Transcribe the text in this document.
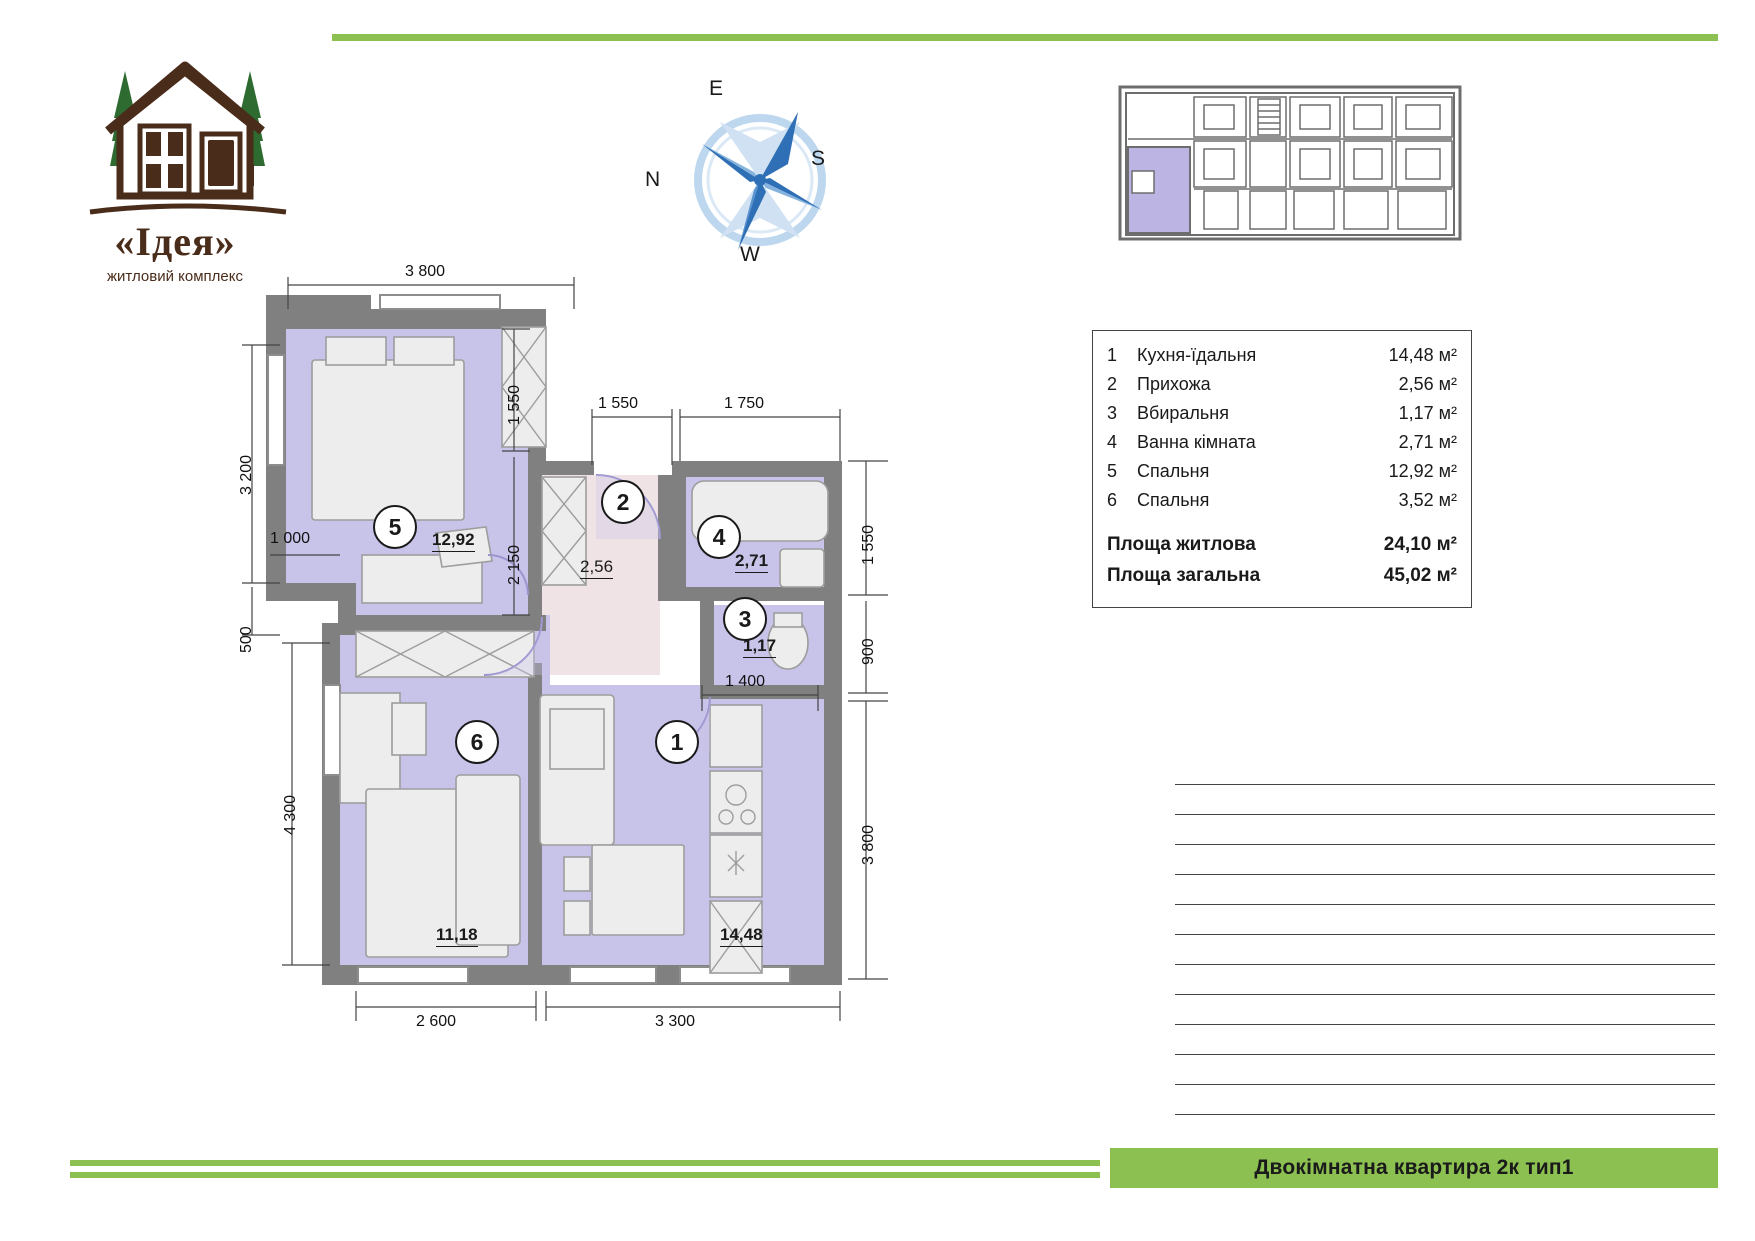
Двокімнатна квартира 2к тип1
«Ідея»
житловий комплекс
E
S
N
W
1	Кухня-їдальня	14,48 м²
2	Прихожа	2,56 м²
3	Вбиральня	1,17 м²
4	Ванна кімната	2,71 м²
5	Спальня	12,92 м²
6	Спальня	3,52 м²
Площа житлова	24,10 м²
Площа загальна	45,02 м²
5
2
4
3
1
6
12,92
2,56	2,71
1,17
14,48
11,18
3 800
1 550	1 750
3 200
500
4 300
1 000
1 550
2 150	1 550
900
3 800
1 400
2 600	3 300
